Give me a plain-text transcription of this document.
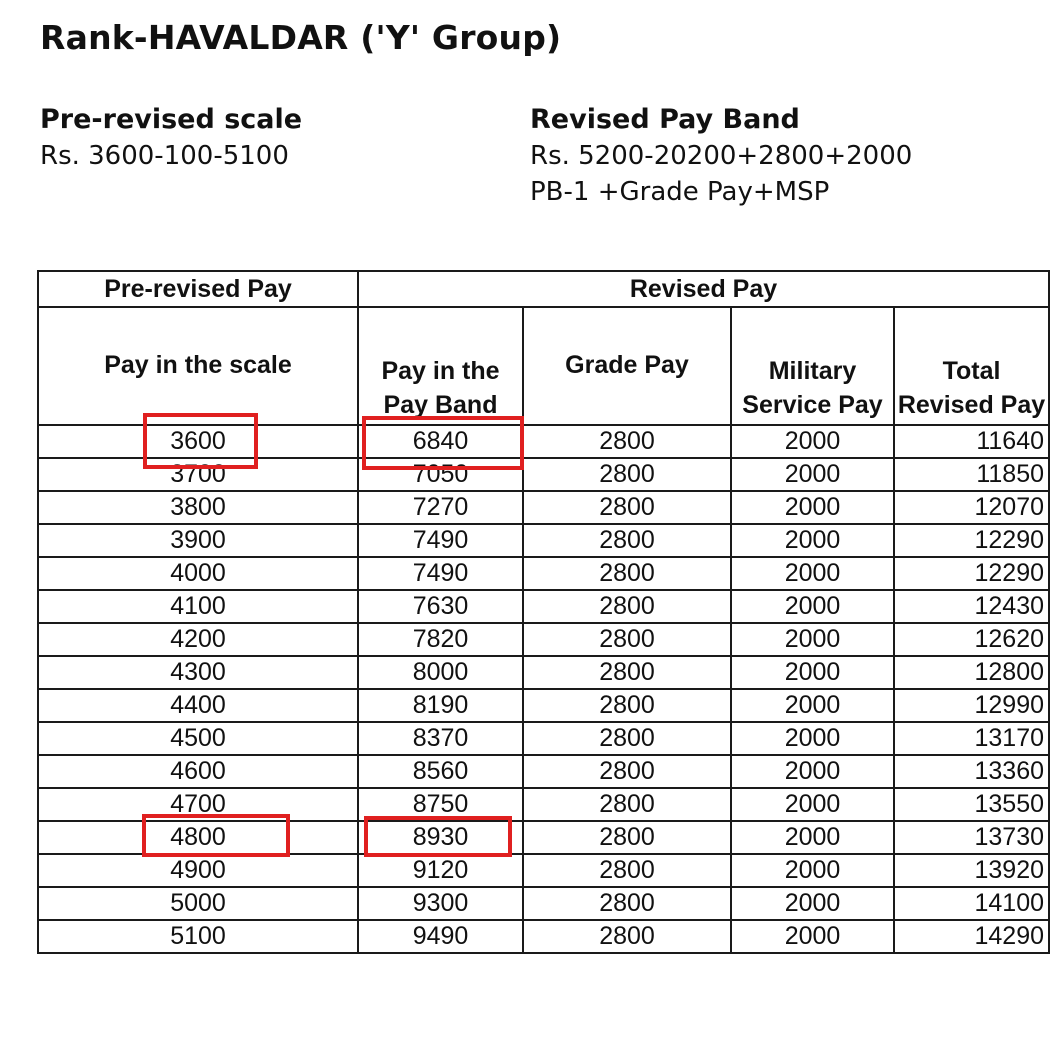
Rank-HAVALDAR ('Y' Group)
Pre-revised scale
Rs. 3600-100-5100
Revised Pay Band
Rs. 5200-20200+2800+2000
PB-1 +Grade Pay+MSP
Pre-revised Pay	Revised Pay			
Pay in the scale	Pay in the Pay Band	Grade Pay	Military Service Pay	Total Revised Pay
3600	6840	2800	2000	11640
3700	7050	2800	2000	11850
3800	7270	2800	2000	12070
3900	7490	2800	2000	12290
4000	7490	2800	2000	12290
4100	7630	2800	2000	12430
4200	7820	2800	2000	12620
4300	8000	2800	2000	12800
4400	8190	2800	2000	12990
4500	8370	2800	2000	13170
4600	8560	2800	2000	13360
4700	8750	2800	2000	13550
4800	8930	2800	2000	13730
4900	9120	2800	2000	13920
5000	9300	2800	2000	14100
5100	9490	2800	2000	14290
